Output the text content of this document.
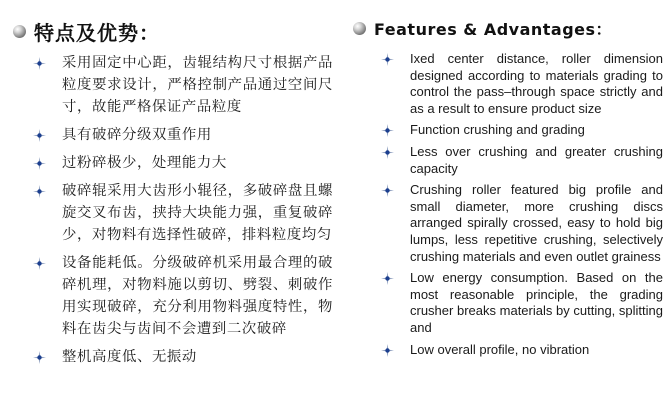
特点及优势：
采用固定中心距，齿辊结构尺寸根据产品粒度要求设计，严格控制产品通过空间尺寸，故能严格保证产品粒度
具有破碎分级双重作用
过粉碎极少，处理能力大
破碎辊采用大齿形小辊径，多破碎盘且螺旋交叉布齿，挟持大块能力强，重复破碎少，对物料有选择性破碎，排料粒度均匀
设备能耗低。分级破碎机采用最合理的破碎机理，对物料施以剪切、劈裂、刺破作用实现破碎，充分利用物料强度特性，物料在齿尖与齿间不会遭到二次破碎
整机高度低、无振动
Features & Advantages：
Ixed center distance, roller dimension designed according to materials grading to control the pass–through space strictly and as a result to ensure product size
Function crushing and grading
Less over crushing and greater crushing capacity
Crushing roller featured big profile and small diameter, more crushing discs arranged spirally crossed, easy to hold big lumps, less repetitive crushing, selectively crushing materials and even outlet grainess
Low energy consumption. Based on the most reasonable principle, the grading crusher breaks materials by cutting, splitting and
Low overall profile, no vibration
